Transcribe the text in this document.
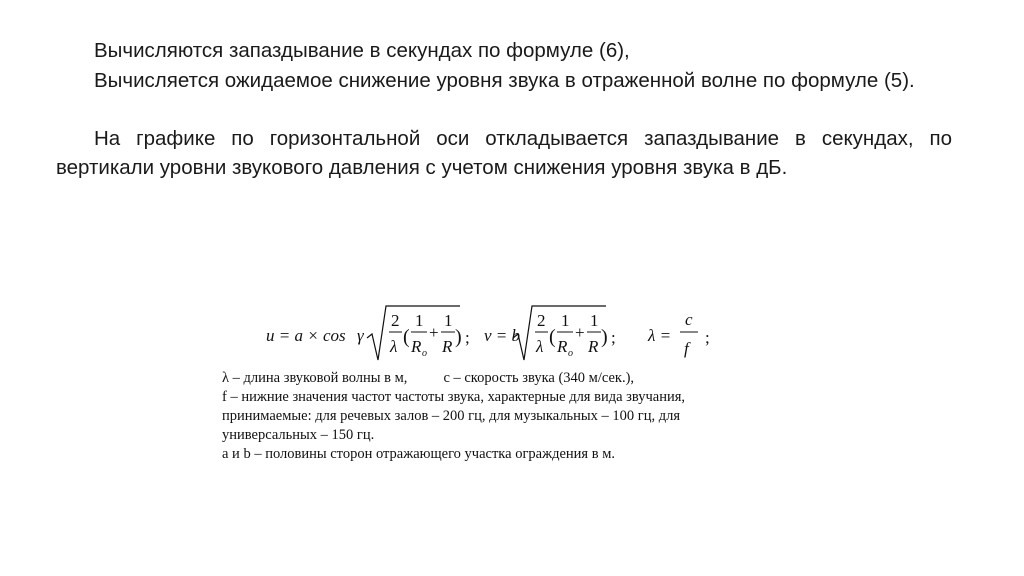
Вычисляются запаздывание в секундах по формуле (6),

Вычисляется ожидаемое снижение уровня звука в отраженной волне по формуле (5).

На графике по горизонтальной оси откладывается запаздывание в секундах, по вертикали уровни звукового давления с учетом снижения уровня звука в дБ.

u = a × cos γ
2
λ (
1
R o
+
1
R ) ; v = b
2
λ (
1
R o
+
1
R ) ; λ =
c
f
;
λ – длина звуковой волны в м, c – скорость звука (340 м/сек.),
f – нижние значения частот частоты звука, характерные для вида звучания,
принимаемые: для речевых залов – 200 гц, для музыкальных – 100 гц, для
универсальных – 150 гц.
a и b – половины сторон отражающего участка ограждения в м.
